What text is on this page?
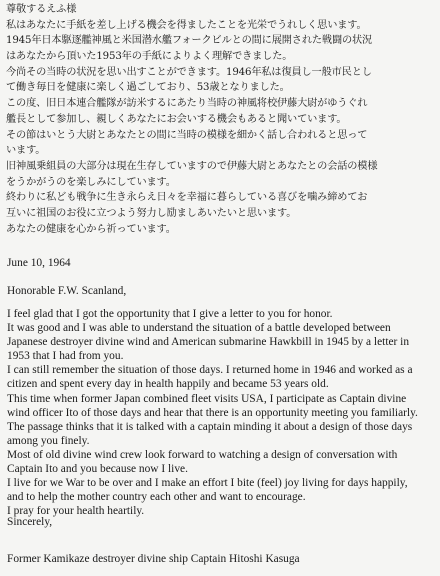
尊敬するえふ様
私はあなたに手紙を差し上げる機会を得ましたことを光栄でうれしく思います。
1945年日本駆逐艦神風と米国潜水艦フォークビルとの間に展開された戦闘の状況
はあなたから頂いた1953年の手紙によりよく理解できました。
今尚その当時の状況を思い出すことができます。1946年私は復員し一般市民とし
て働き毎日を健康に楽しく過ごしており、53歳となりました。
この度、旧日本連合艦隊が訪米するにあたり当時の神風将校伊藤大尉がゆうぐれ
艦長として参加し、親しくあなたにお会いする機会もあると聞いています。
その節はいとう大尉とあなたとの間に当時の模様を細かく話し合われると思って
います。
旧神風乗組員の大部分は現在生存していますので伊藤大尉とあなたとの会話の模様
をうかがうのを楽しみにしています。
終わりに私ども戦争に生き永らえ日々を幸福に暮らしている喜びを噛み締めてお
互いに祖国のお役に立つよう努力し励ましあいたいと思います。
あなたの健康を心から祈っています。
June 10, 1964
Honorable F.W. Scanland,
I feel glad that I got the opportunity that I give a letter to you for honor.
It was good and I was able to understand the situation of a battle developed between
Japanese destroyer divine wind and American submarine Hawkbill in 1945 by a letter in
1953 that I had from you.
I can still remember the situation of those days. I returned home in 1946 and worked as a
citizen and spent every day in health happily and became 53 years old.
This time when former Japan combined fleet visits USA, I participate as Captain divine
wind officer Ito of those days and hear that there is an opportunity meeting you familiarly.
The passage thinks that it is talked with a captain minding it about a design of those days
among you finely.
Most of old divine wind crew look forward to watching a design of conversation with
Captain Ito and you because now I live.
I live for we War to be over and I make an effort I bite (feel) joy living for days happily,
and to help the mother country each other and want to encourage.
I pray for your health heartily.
Sincerely,
Former Kamikaze destroyer divine ship Captain Hitoshi Kasuga
